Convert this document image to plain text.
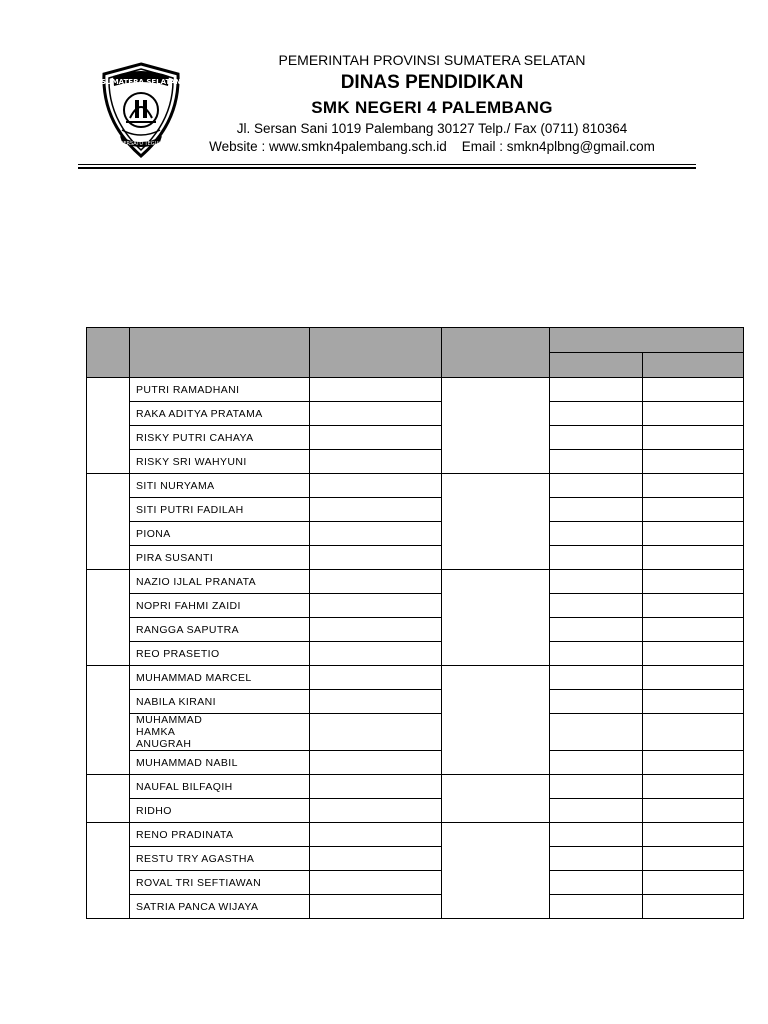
SUMATERA SELATAN
BERSATU TEGUH
PEMERINTAH PROVINSI SUMATERA SELATAN
DINAS PENDIDIKAN
SMK NEGERI 4 PALEMBANG
Jl. Sersan Sani 1019 Palembang 30127 Telp./ Fax (0711) 810364
Website : www.smkn4palembang.sch.id Email : smkn4plbng@gmail.com

	PUTRI RAMADHANI				
	RAKA ADITYA PRATAMA				
	RISKY PUTRI CAHAYA				
	RISKY SRI WAHYUNI				
	SITI NURYAMA				
	SITI PUTRI FADILAH				
	PIONA				
	PIRA SUSANTI				
	NAZIO IJLAL PRANATA				
	NOPRI FAHMI ZAIDI				
	RANGGA SAPUTRA				
	REO PRASETIO				
	MUHAMMAD MARCEL				
	NABILA KIRANI				
	MUHAMMAD HAMKA ANUGRAH				
	MUHAMMAD NABIL				
	NAUFAL BILFAQIH				
	RIDHO				
	RENO PRADINATA				
	RESTU TRY AGASTHA				
	ROVAL TRI SEFTIAWAN				
	SATRIA PANCA WIJAYA				
